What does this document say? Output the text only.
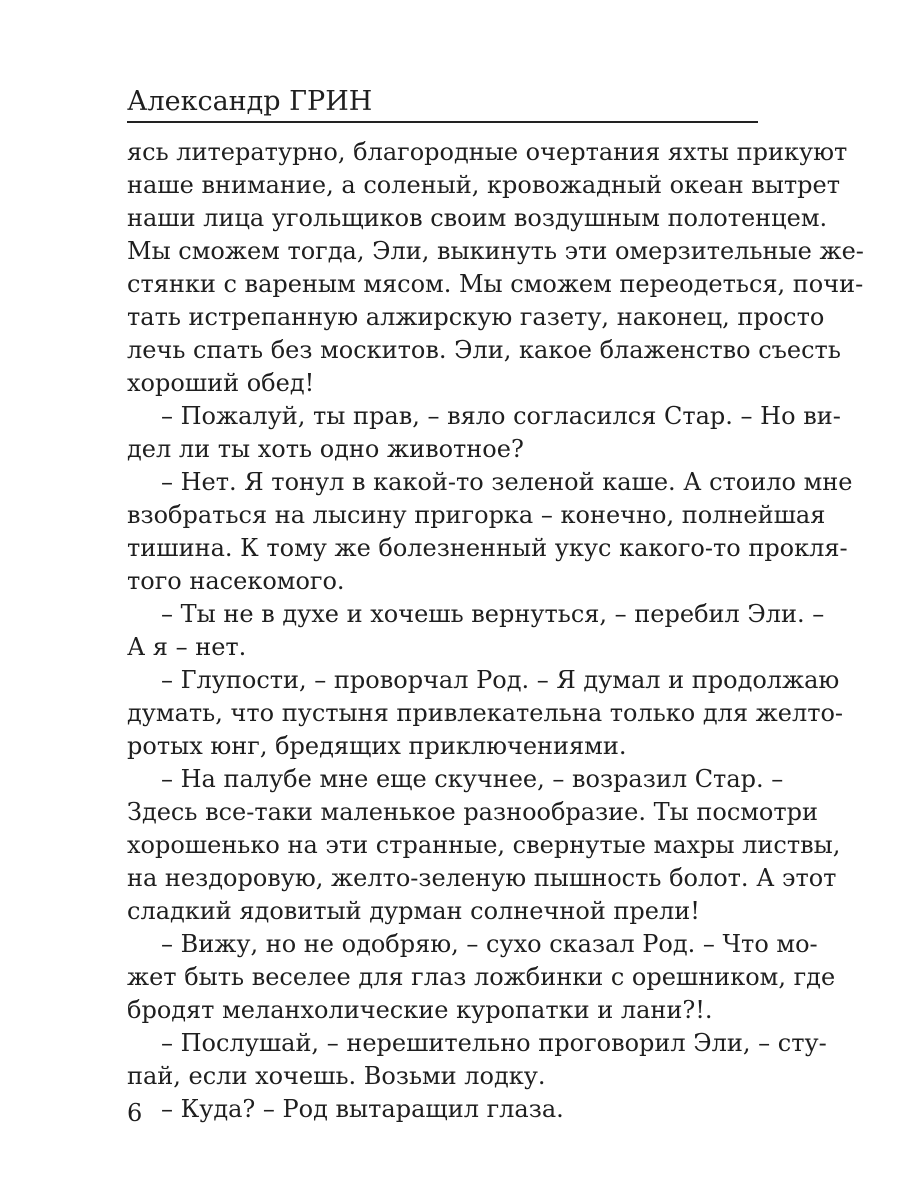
Александр ГРИН
ясь литературно, благородные очертания яхты прикуют
наше внимание, а соленый, кровожадный океан вытрет
наши лица угольщиков своим воздушным полотенцем.
Мы сможем тогда, Эли, выкинуть эти омерзительные же-
стянки с вареным мясом. Мы сможем переодеться, почи-
тать истрепанную алжирскую газету, наконец, просто
лечь спать без москитов. Эли, какое блаженство съесть
хороший обед!
– Пожалуй, ты прав, – вяло согласился Стар. – Но ви-
дел ли ты хоть одно животное?
– Нет. Я тонул в какой-то зеленой каше. А стоило мне
взобраться на лысину пригорка – конечно, полнейшая
тишина. К тому же болезненный укус какого-то прокля-
того насекомого.
– Ты не в духе и хочешь вернуться, – перебил Эли. –
А я – нет.
– Глупости, – проворчал Род. – Я думал и продолжаю
думать, что пустыня привлекательна только для желто-
ротых юнг, бредящих приключениями.
– На палубе мне еще скучнее, – возразил Стар. –
Здесь все-таки маленькое разнообразие. Ты посмотри
хорошенько на эти странные, свернутые махры листвы,
на нездоровую, желто-зеленую пышность болот. А этот
сладкий ядовитый дурман солнечной прели!
– Вижу, но не одобряю, – сухо сказал Род. – Что мо-
жет быть веселее для глаз ложбинки с орешником, где
бродят меланхолические куропатки и лани?!.
– Послушай, – нерешительно проговорил Эли, – сту-
пай, если хочешь. Возьми лодку.
– Куда? – Род вытаращил глаза.
6
